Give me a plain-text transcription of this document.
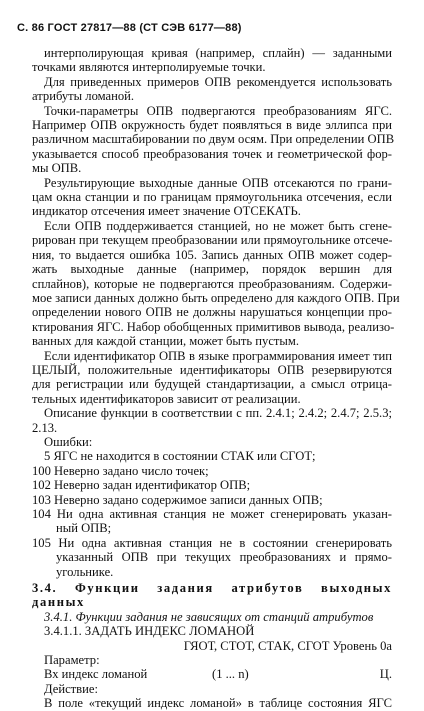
С. 86 ГОСТ 27817—88 (СТ СЭВ 6177—88)
интерполирующая кривая (например, сплайн) — заданными
точками являются интерполируемые точки.
Для приведенных примеров ОПВ рекомендуется использовать
атрибуты ломаной.
Точки-параметры ОПВ подвергаются преобразованиям ЯГС.
Например ОПВ окружность будет появляться в виде эллипса при
различном масштабировании по двум осям. При определении ОПВ
указывается способ преобразования точек и геометрической фор-
мы ОПВ.
Результирующие выходные данные ОПВ отсекаются по грани-
цам окна станции и по границам прямоугольника отсечения, если
индикатор отсечения имеет значение ОТСЕКАТЬ.
Если ОПВ поддерживается станцией, но не может быть сгене-
рирован при текущем преобразовании или прямоугольнике отсече-
ния, то выдается ошибка 105. Запись данных ОПВ может содер-
жать выходные данные (например, порядок вершин для
сплайнов), которые не подвергаются преобразованиям. Содержи-
мое записи данных должно быть определено для каждого ОПВ. При
определении нового ОПВ не должны нарушаться концепции про-
ктирования ЯГС. Набор обобщенных примитивов вывода, реализо-
ванных для каждой станции, может быть пустым.
Если идентификатор ОПВ в языке программирования имеет тип
ЦЕЛЫЙ, положительные идентификаторы ОПВ резервируются
для регистрации или будущей стандартизации, а смысл отрица-
тельных идентификаторов зависит от реализации.
Описание функции в соответствии с пп. 2.4.1; 2.4.2; 2.4.7; 2.5.3;
2.13.
Ошибки:
5 ЯГС не находится в состоянии СТАК или СГОТ;
100 Неверно задано число точек;
102 Неверно задан идентификатор ОПВ;
103 Неверно задано содержимое записи данных ОПВ;
104 Ни одна активная станция не может сгенерировать указан-
ный ОПВ;
105 Ни одна активная станция не в состоянии сгенерировать
указанный ОПВ при текущих преобразованиях и прямо-
угольнике.
3.4. Функции задания атрибутов выходных
данных
3.4.1. Функции задания не зависящих от станций атрибутов
3.4.1.1. ЗАДАТЬ ИНДЕКС ЛОМАНОЙ
ГЯОТ, СТОТ, СТАК, СГОТ Уровень 0а
Параметр:
Вх индекс ломаной	(1 ... n)	Ц.
Действие:
В поле «текущий индекс ломаной» в таблице состояния ЯГС
